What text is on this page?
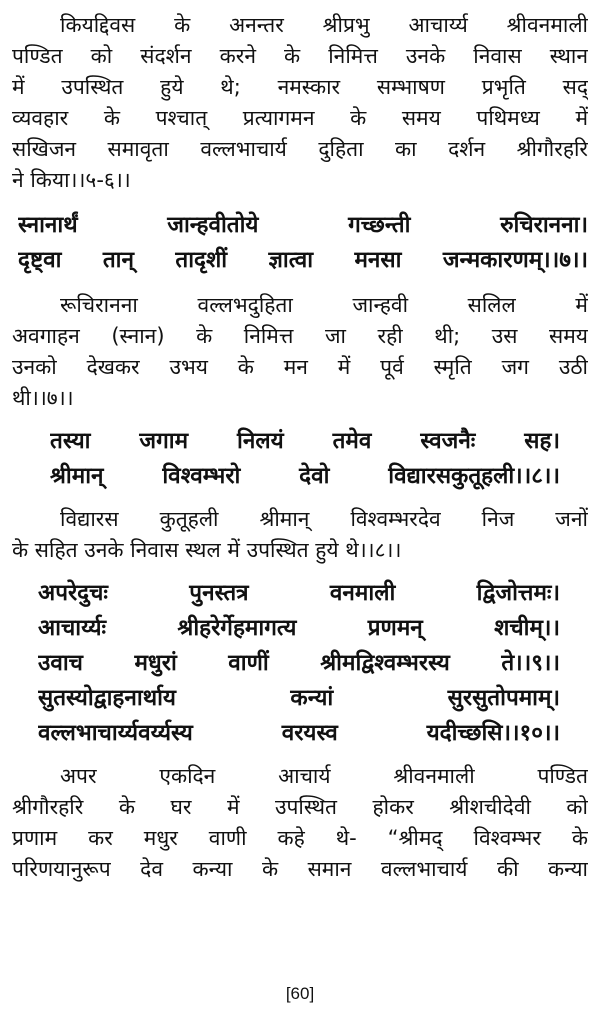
कियद्दिवस के अनन्तर श्रीप्रभु आचार्य्य श्रीवनमाली
पण्डित को संदर्शन करने के निमित्त उनके निवास स्थान
में उपस्थित हुये थे; नमस्कार सम्भाषण प्रभृति सद्
व्यवहार के पश्चात् प्रत्यागमन के समय पथिमध्य में
सखिजन समावृता वल्लभाचार्य दुहिता का दर्शन श्रीगौरहरि
ने किया।।५-६।।
स्नानार्थं जान्हवीतोये गच्छन्ती रुचिरानना।
दृष्ट्वा तान् तादृशीं ज्ञात्वा मनसा जन्मकारणम्।।७।।
रूचिरानना वल्लभदुहिता जान्हवी सलिल में
अवगाहन (स्नान) के निमित्त जा रही थी; उस समय
उनको देखकर उभय के मन में पूर्व स्मृति जग उठी
थी।।७।।
तस्या जगाम निलयं तमेव स्वजनैः सह।
श्रीमान् विश्वम्भरो देवो विद्यारसकुतूहली।।८।।
विद्यारस कुतूहली श्रीमान् विश्वम्भरदेव निज जनों
के सहित उनके निवास स्थल में उपस्थित हुये थे।।८।।
अपरेदुचः पुनस्तत्र वनमाली द्विजोत्तमः।
आचार्य्यः श्रीहरेर्गेहमागत्य प्रणमन् शचीम्।।
उवाच मधुरां वाणीं श्रीमद्विश्वम्भरस्य ते।।९।।
सुतस्योद्वाहनार्थाय कन्यां सुरसुतोपमाम्।
वल्लभाचार्य्यवर्य्यस्य वरयस्व यदीच्छसि।।१०।।
अपर एकदिन आचार्य श्रीवनमाली पण्डित
श्रीगौरहरि के घर में उपस्थित होकर श्रीशचीदेवी को
प्रणाम कर मधुर वाणी कहे थे- “श्रीमद् विश्वम्भर के
परिणयानुरूप देव कन्या के समान वल्लभाचार्य की कन्या
[60]
